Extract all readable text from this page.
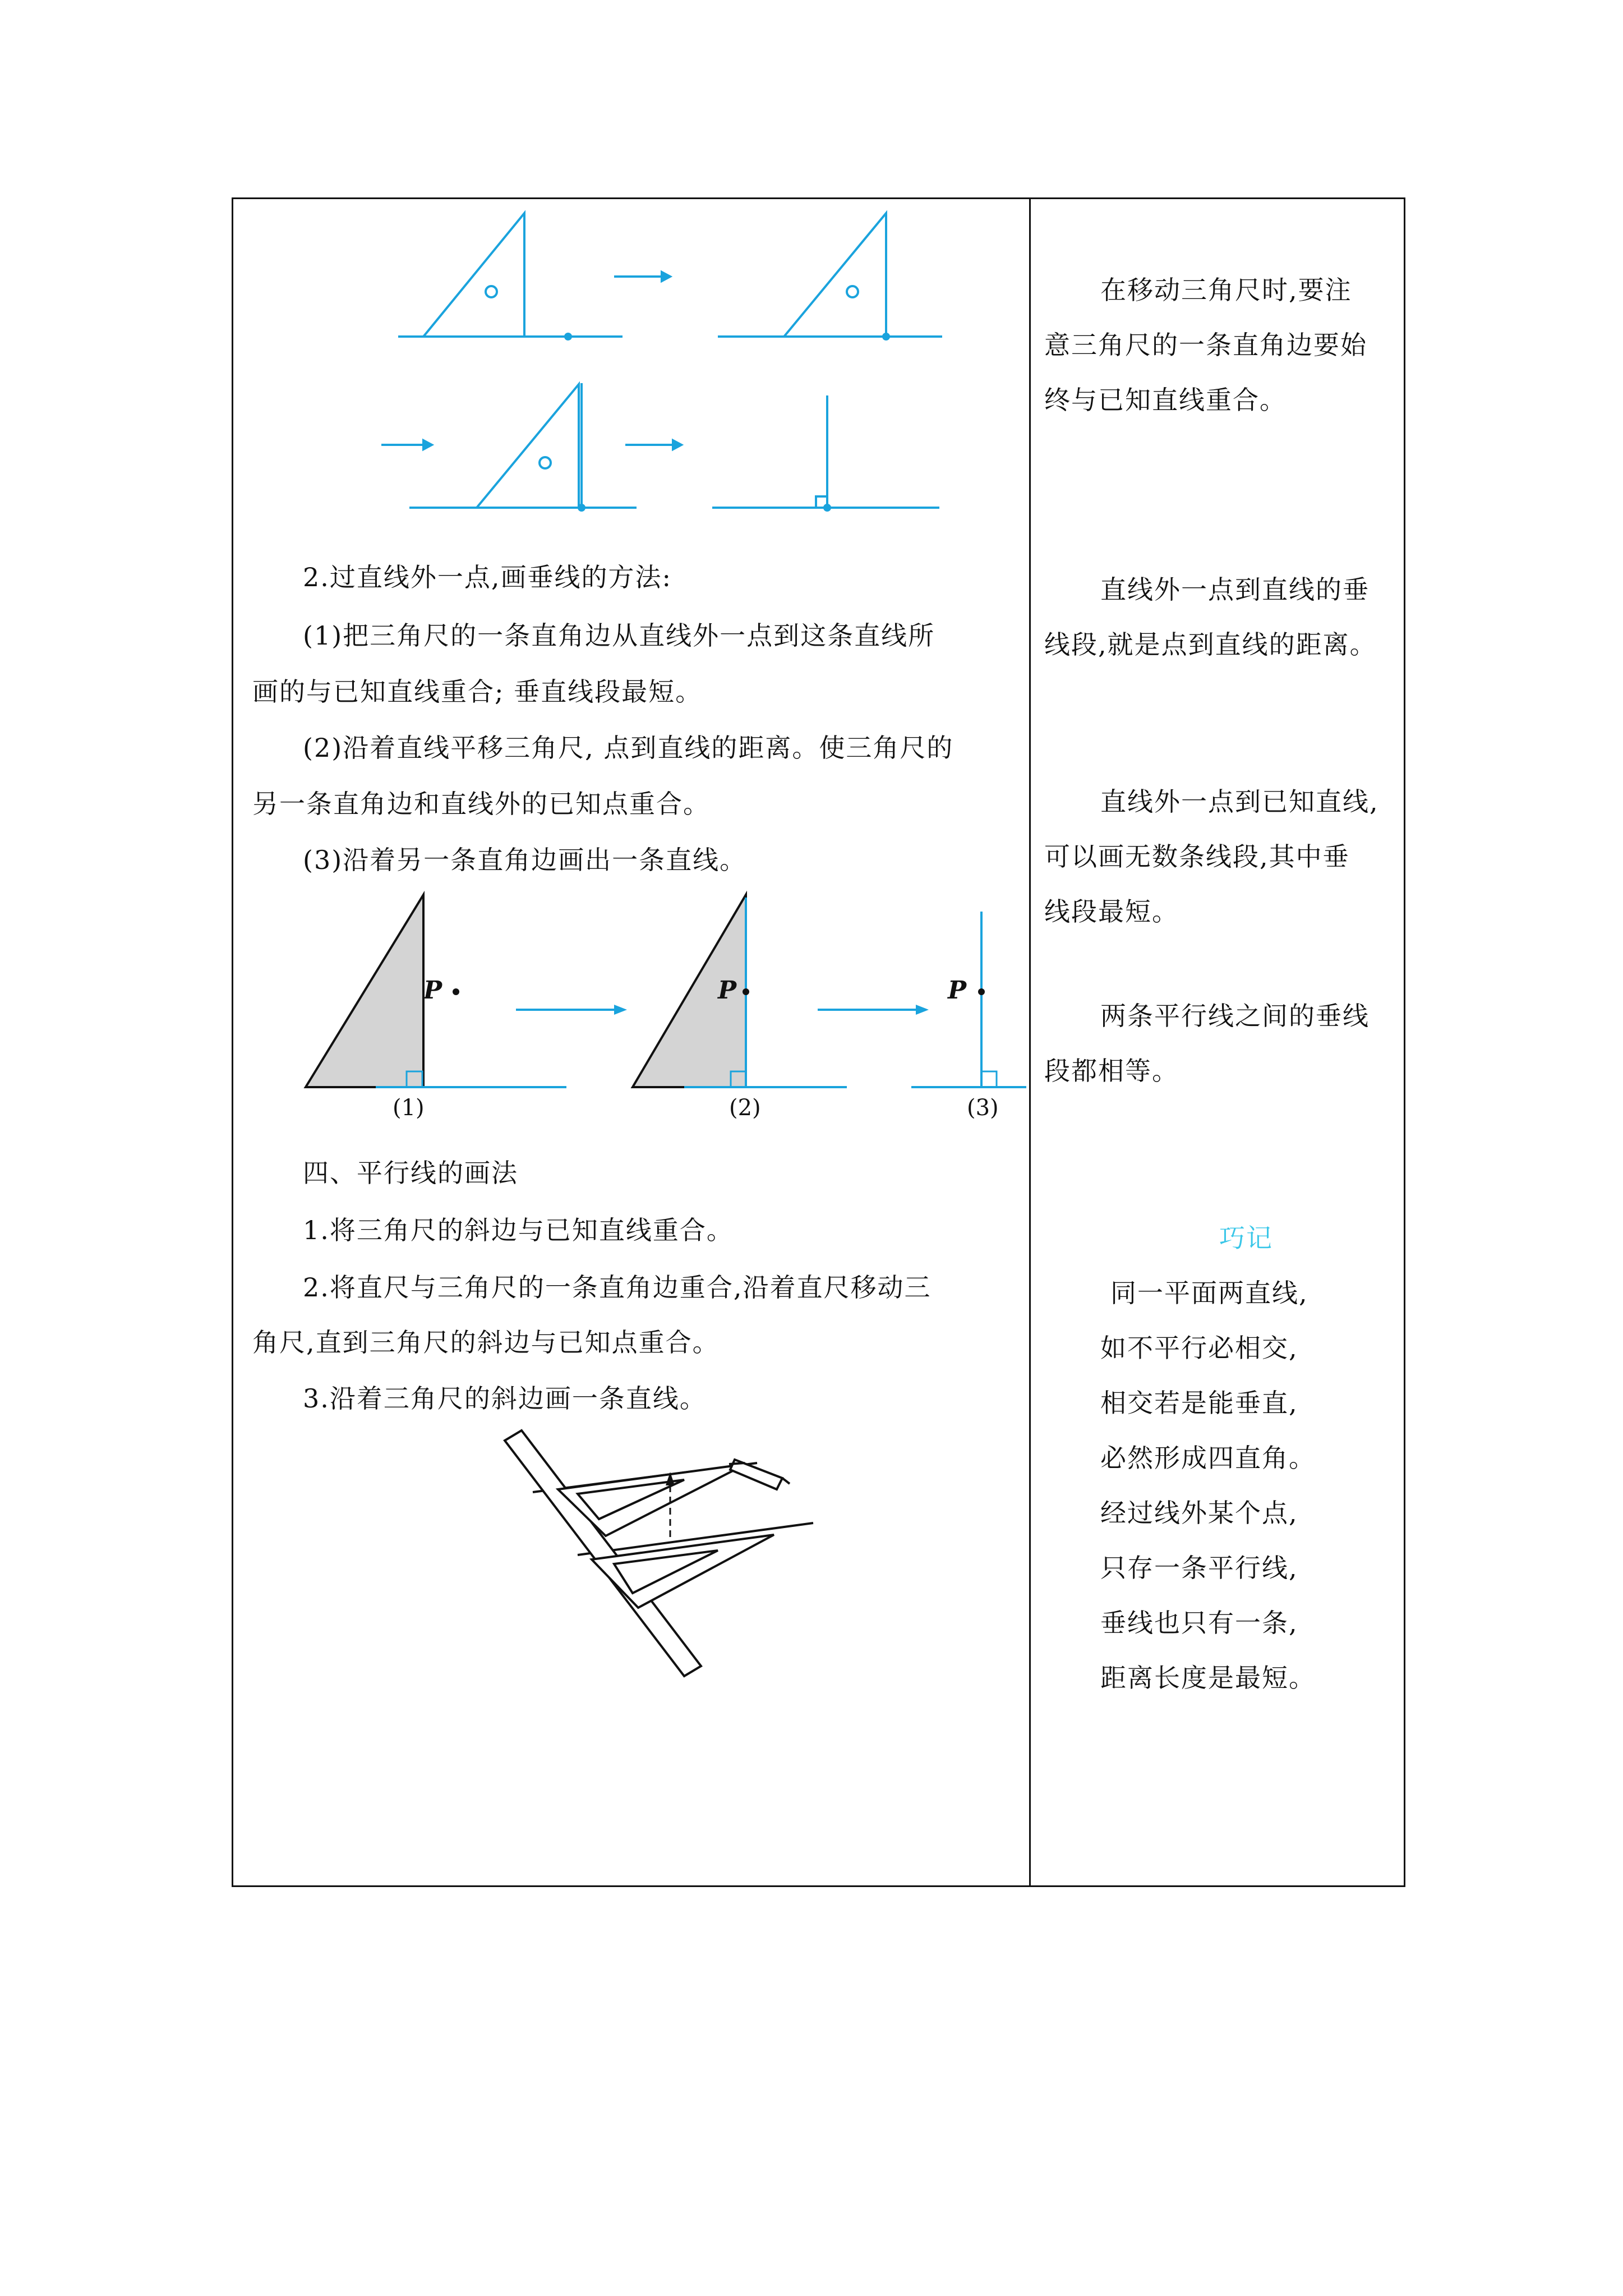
2.过直线外一点,画垂线的方法:
(1)把三角尺的一条直角边从直线外一点到这条直线所
画的与已知直线重合; 垂直线段最短。
(2)沿着直线平移三角尺, 点到直线的距离。使三角尺的
另一条直角边和直线外的已知点重合。
(3)沿着另一条直角边画出一条直线。
P	P	P
(1)	(2)	(3)
四、平行线的画法
1.将三角尺的斜边与已知直线重合。
2.将直尺与三角尺的一条直角边重合,沿着直尺移动三
角尺,直到三角尺的斜边与已知点重合。
3.沿着三角尺的斜边画一条直线。
在移动三角尺时,要注
意三角尺的一条直角边要始
终与已知直线重合。
直线外一点到直线的垂
线段,就是点到直线的距离。
直线外一点到已知直线,
可以画无数条线段,其中垂
线段最短。
两条平行线之间的垂线
段都相等。
巧记
同一平面两直线,
如不平行必相交,
相交若是能垂直,
必然形成四直角。
经过线外某个点,
只存一条平行线,
垂线也只有一条,
距离长度是最短。
